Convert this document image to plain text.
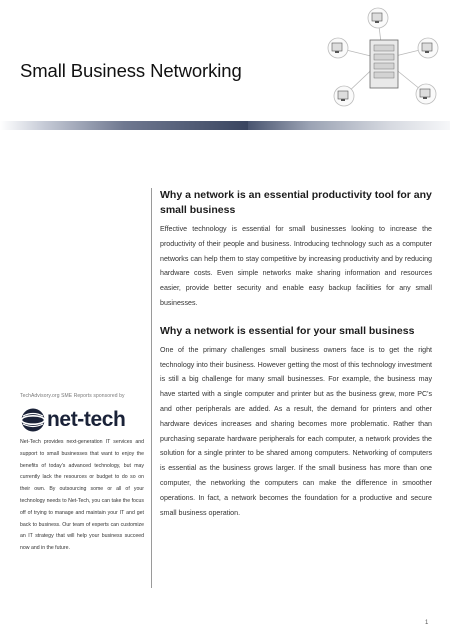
Small Business Networking
Why a network is an essential productivity tool for any small business

Effective technology is essential for small businesses looking to increase the productivity of their people and business. Introducing technology such as a computer networks can help them to stay competitive by increasing productivity and by reducing hardware costs. Even simple networks make sharing information and resources easier, provide better security and enable easy backup facilities for any small businesses.

Why a network is essential for your small business

One of the primary challenges small business owners face is to get the right technology into their business. However getting the most of this technology investment is still a big challenge for many small businesses. For example, the business may have started with a single computer and printer but as the business grew, more PC's and other peripherals are added. As a result, the demand for printers and other hardware devices increases and sharing becomes more problematic. Rather than purchasing separate hardware peripherals for each computer, a network provides the solution for a single printer to be shared among computers. Networking of computers is essential as the business grows larger. If the small business has more than one computer, the networking the computers can make the difference in smoother operations. In fact, a network becomes the foundation for a productive and secure small business operation.

TechAdvisory.org SME Reports sponsored by
net-tech

Net-Tech provides next-generation IT services and support to small businesses that want to enjoy the benefits of today's advanced technology, but may currently lack the resources or budget to do so on their own. By outsourcing some or all of your technology needs to Net-Tech, you can take the focus off of trying to manage and maintain your IT and get back to business. Our team of experts can customize an IT strategy that will help your business succeed now and in the future.

1
